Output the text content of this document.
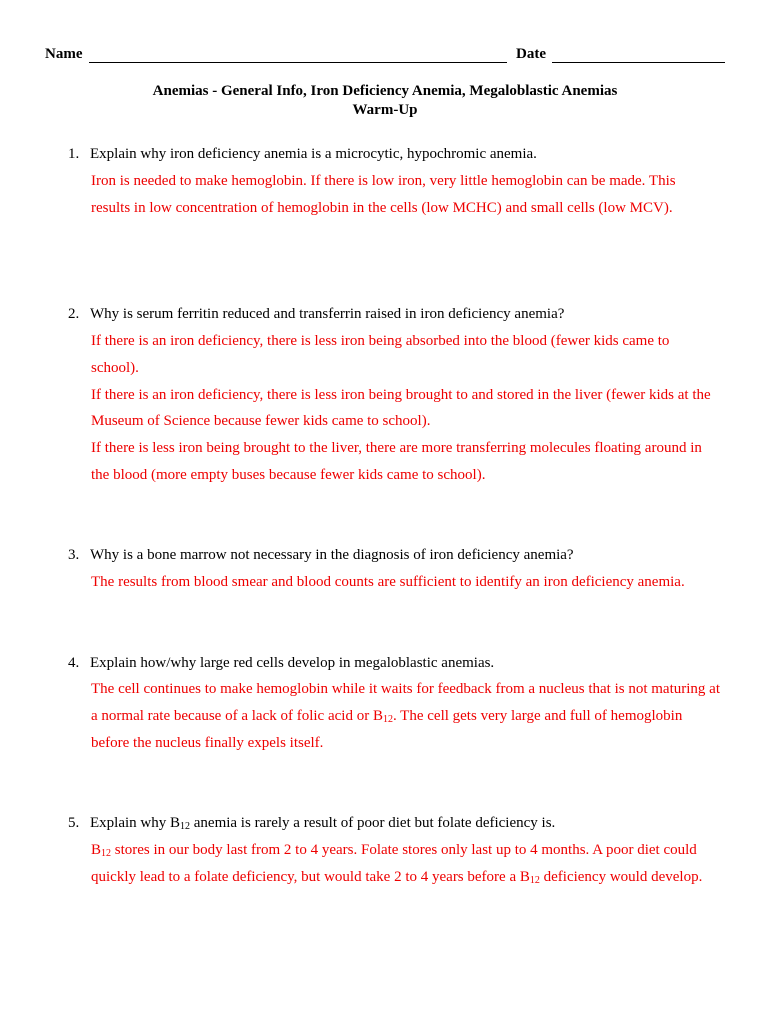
Name	Date
Anemias - General Info, Iron Deficiency Anemia, Megaloblastic Anemias
Warm-Up
1. Explain why iron deficiency anemia is a microcytic, hypochromic anemia.
Iron is needed to make hemoglobin. If there is low iron, very little hemoglobin can be made. This
results in low concentration of hemoglobin in the cells (low MCHC) and small cells (low MCV).
2. Why is serum ferritin reduced and transferrin raised in iron deficiency anemia?
If there is an iron deficiency, there is less iron being absorbed into the blood (fewer kids came to
school).
If there is an iron deficiency, there is less iron being brought to and stored in the liver (fewer kids at the
Museum of Science because fewer kids came to school).
If there is less iron being brought to the liver, there are more transferring molecules floating around in
the blood (more empty buses because fewer kids came to school).
3. Why is a bone marrow not necessary in the diagnosis of iron deficiency anemia?
The results from blood smear and blood counts are sufficient to identify an iron deficiency anemia.
4. Explain how/why large red cells develop in megaloblastic anemias.
The cell continues to make hemoglobin while it waits for feedback from a nucleus that is not maturing at
a normal rate because of a lack of folic acid or $B_{12}$. The cell gets very large and full of hemoglobin
before the nucleus finally expels itself.
5. Explain why $B_{12}$ anemia is rarely a result of poor diet but folate deficiency is.
$B_{12}$ stores in our body last from 2 to 4 years. Folate stores only last up to 4 months. A poor diet could
quickly lead to a folate deficiency, but would take 2 to 4 years before a $B_{12}$ deficiency would develop.
